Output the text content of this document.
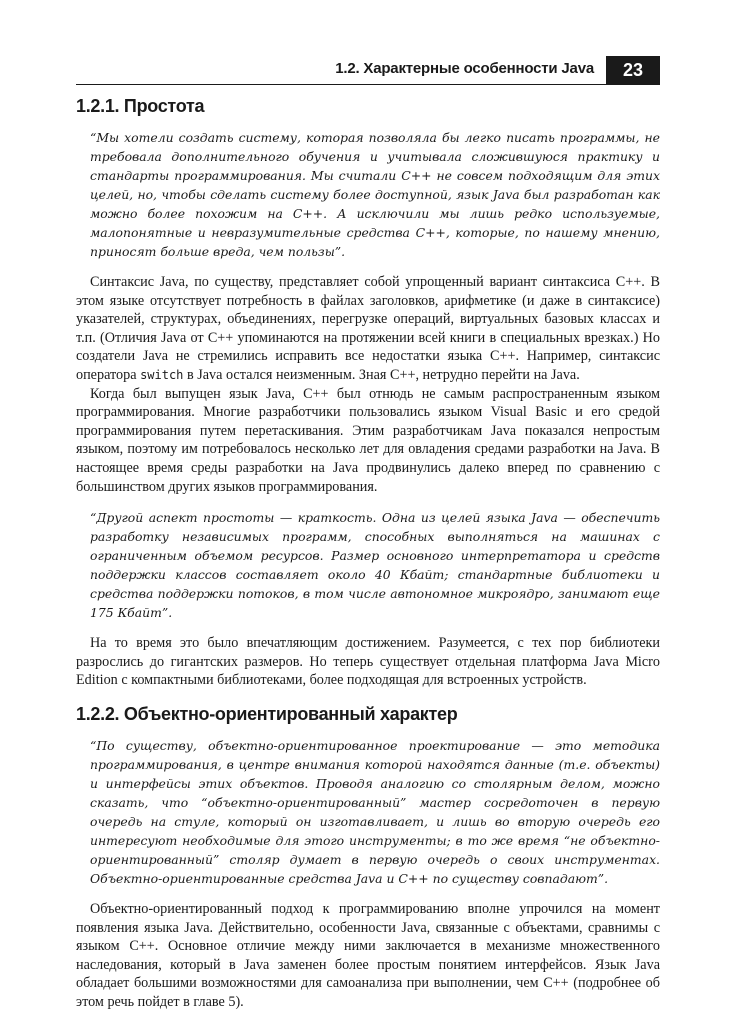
1.2. Характерные особенности Java	23
1.2.1. Простота
“Мы хотели создать систему, которая позволяла бы легко писать программы, не требовала дополнительного обучения и учитывала сложившуюся практику и стандарты программирования. Мы считали C++ не совсем подходящим для этих целей, но, чтобы сделать систему более доступной, язык Java был разработан как можно более похожим на C++. А исключили мы лишь редко используемые, малопонятные и невразумительные средства C++, которые, по нашему мнению, приносят больше вреда, чем пользы”.

Синтаксис Java, по существу, представляет собой упрощенный вариант синтаксиса C++. В этом языке отсутствует потребность в файлах заголовков, арифметике (и даже в синтаксисе) указателей, структурах, объединениях, перегрузке операций, виртуальных базовых классах и т.п. (Отличия Java от C++ упоминаются на протяжении всей книги в специальных врезках.) Но создатели Java не стремились исправить все недостатки языка C++. Например, синтаксис оператора switch в Java остался неизменным. Зная C++, нетрудно перейти на Java.

Когда был выпущен язык Java, C++ был отнюдь не самым распространенным языком программирования. Многие разработчики пользовались языком Visual Basic и его средой программирования путем перетаскивания. Этим разработчикам Java показался непростым языком, поэтому им потребовалось несколько лет для овладения средами разработки на Java. В настоящее время среды разработки на Java продвинулись далеко вперед по сравнению с большинством других языков программирования.

“Другой аспект простоты — краткость. Одна из целей языка Java — обеспечить разработку независимых программ, способных выполняться на машинах с ограниченным объемом ресурсов. Размер основного интерпретатора и средств поддержки классов составляет около 40 Кбайт; стандартные библиотеки и средства поддержки потоков, в том числе автономное микроядро, занимают еще 175 Кбайт”.

На то время это было впечатляющим достижением. Разумеется, с тех пор библиотеки разрослись до гигантских размеров. Но теперь существует отдельная платформа Java Micro Edition с компактными библиотеками, более подходящая для встроенных устройств.

1.2.2. Объектно-ориентированный характер
“По существу, объектно-ориентированное проектирование — это методика программирования, в центре внимания которой находятся данные (т.е. объекты) и интерфейсы этих объектов. Проводя аналогию со столярным делом, можно сказать, что “объектно-ориентированный” мастер сосредоточен в первую очередь на стуле, который он изготавливает, и лишь во вторую очередь его интересуют необходимые для этого инструменты; в то же время “не объектно-ориентированный” столяр думает в первую очередь о своих инструментах. Объектно-ориентированные средства Java и C++ по существу совпадают”.

Объектно-ориентированный подход к программированию вполне упрочился на момент появления языка Java. Действительно, особенности Java, связанные с объектами, сравнимы с языком C++. Основное отличие между ними заключается в механизме множественного наследования, который в Java заменен более простым понятием интерфейсов. Язык Java обладает большими возможностями для самоанализа при выполнении, чем C++ (подробнее об этом речь пойдет в главе 5).
